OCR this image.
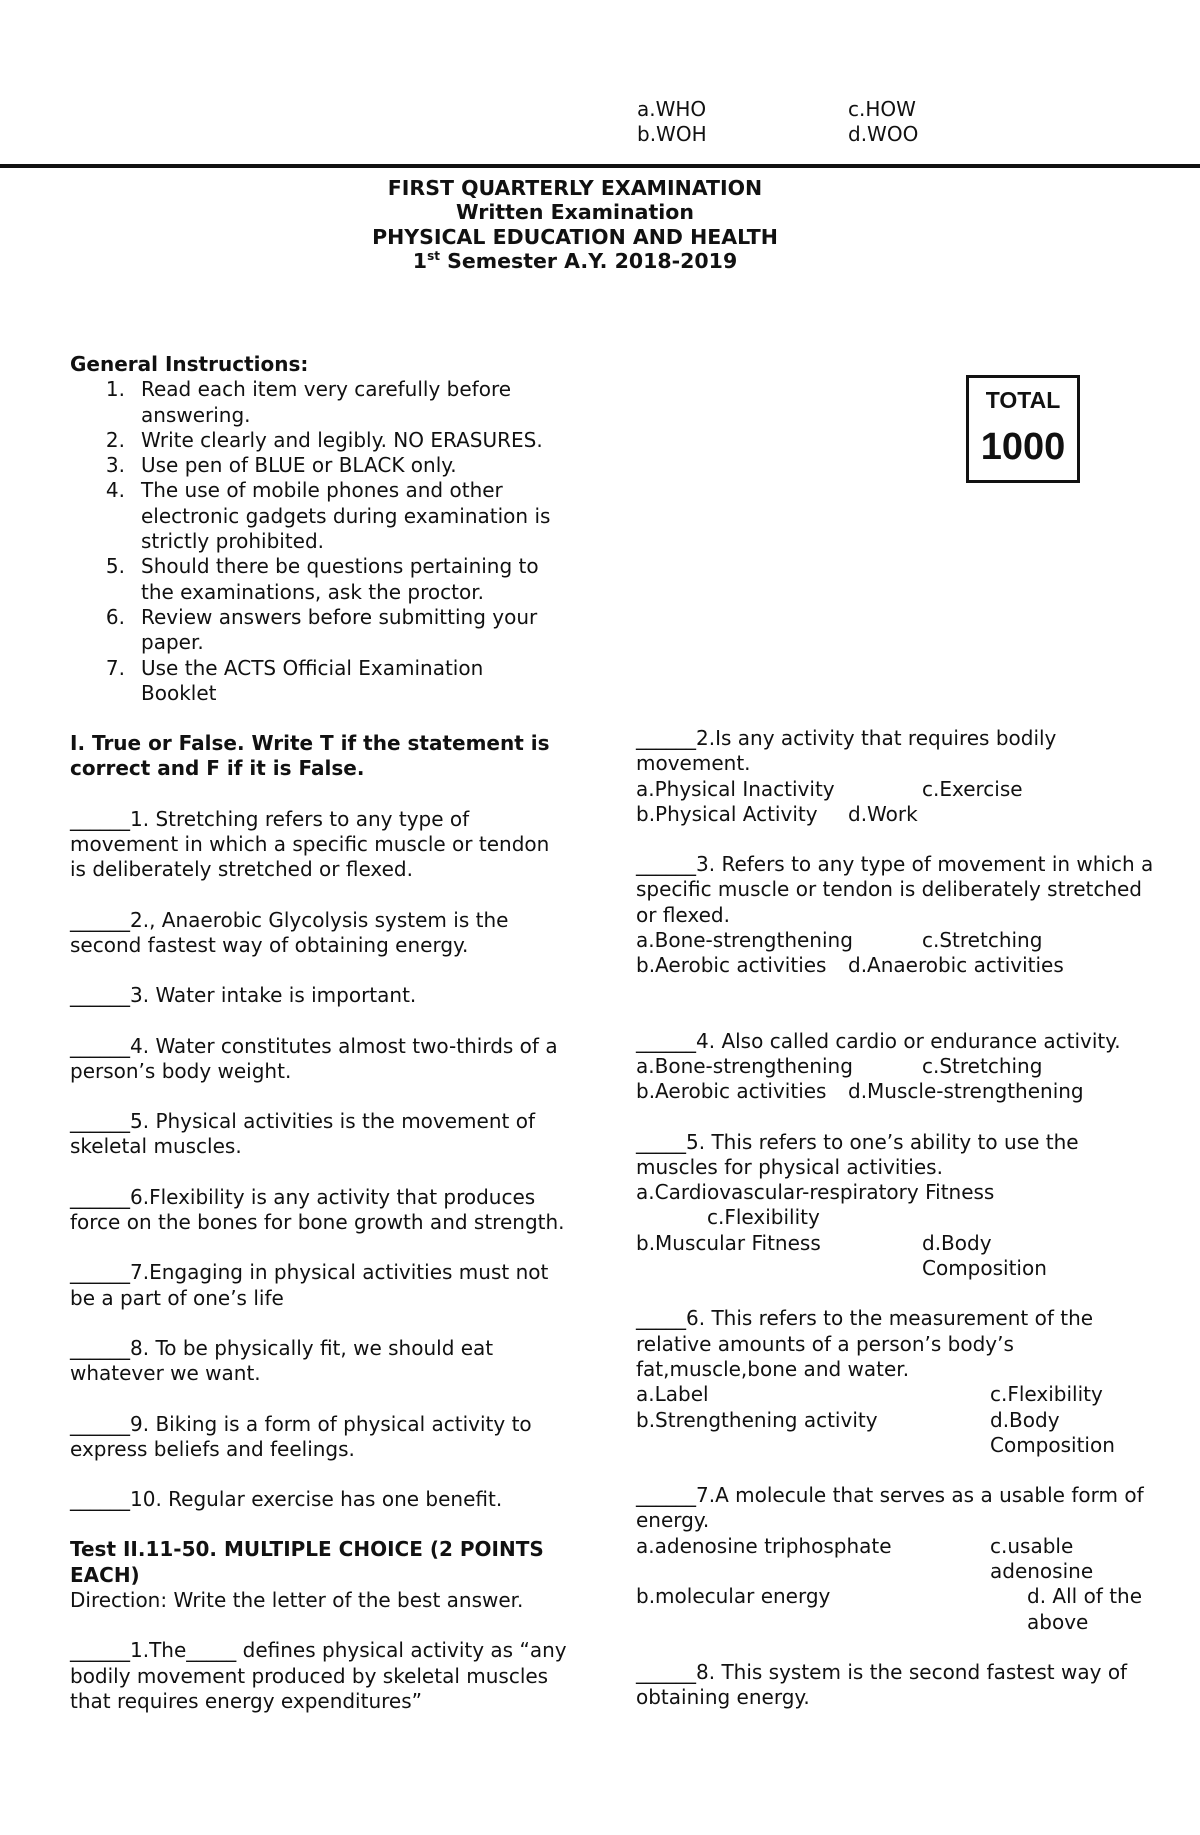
a.WHO	c.HOW
b.WOH	d.WOO
FIRST QUARTERLY EXAMINATION
Written Examination
PHYSICAL EDUCATION AND HEALTH
1st Semester A.Y. 2018-2019
TOTAL
1000
General Instructions:
1. Read each item very carefully before answering.
2. Write clearly and legibly. NO ERASURES.
3. Use pen of BLUE or BLACK only.
4. The use of mobile phones and other electronic gadgets during examination is strictly prohibited.
5. Should there be questions pertaining to the examinations, ask the proctor.
6. Review answers before submitting your paper.
7. Use the ACTS Official Examination Booklet
I. True or False. Write T if the statement is correct and F if it is False.

______1. Stretching refers to any type of movement in which a specific muscle or tendon is deliberately stretched or flexed.

______2., Anaerobic Glycolysis system is the second fastest way of obtaining energy.

______3. Water intake is important.

______4. Water constitutes almost two-thirds of a person’s body weight.

______5. Physical activities is the movement of skeletal muscles.

______6.Flexibility is any activity that produces force on the bones for bone growth and strength.

______7.Engaging in physical activities must not be a part of one’s life

______8. To be physically fit, we should eat whatever we want.

______9. Biking is a form of physical activity to express beliefs and feelings.

______10. Regular exercise has one benefit.

Test II.11-50. MULTIPLE CHOICE (2 POINTS EACH)

Direction: Write the letter of the best answer.

______1.The_____ defines physical activity as “any bodily movement produced by skeletal muscles that requires energy expenditures”

______2.Is any activity that requires bodily movement.

a.Physical Inactivity	c.Exercise
b.Physical Activity	d.Work

______3. Refers to any type of movement in which a specific muscle or tendon is deliberately stretched or flexed.

a.Bone-strengthening	c.Stretching
b.Aerobic activities	d.Anaerobic activities

______4. Also called cardio or endurance activity.

a.Bone-strengthening	c.Stretching
b.Aerobic activities	d.Muscle-strengthening

_____5. This refers to one’s ability to use the muscles for physical activities.

a.Cardiovascular-respiratory Fitness

c.Flexibility

b.Muscular Fitness	d.Body Composition

_____6. This refers to the measurement of the relative amounts of a person’s body’s fat,muscle,bone and water.

a.Label	c.Flexibility
b.Strengthening activity	d.Body Composition

______7.A molecule that serves as a usable form of energy.

a.adenosine triphosphate	c.usable adenosine
b.molecular energy	d. All of the above

______8. This system is the second fastest way of obtaining energy.
